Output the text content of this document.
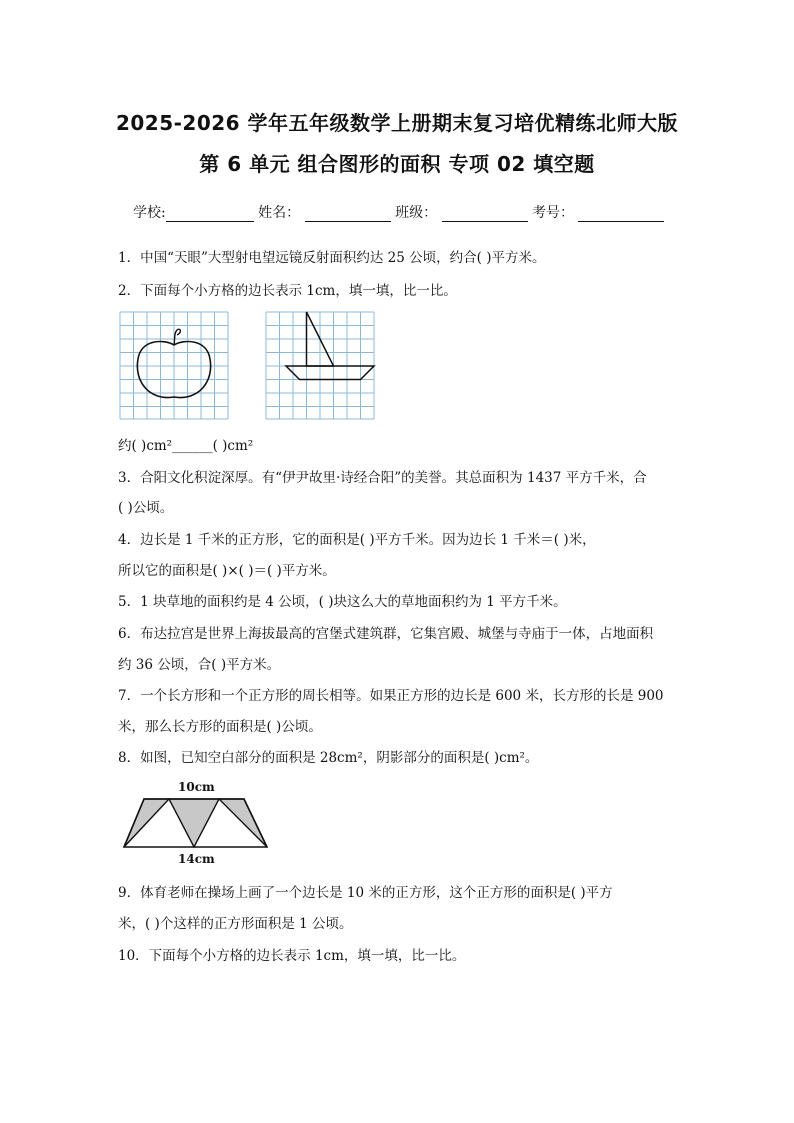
2025-2026 学年五年级数学上册期末复习培优精练北师大版
第 6 单元 组合图形的面积 专项 02 填空题
学校:	姓名：	班级：	考号：
1．中国“天眼”大型射电望远镜反射面积约达 25 公顷，约合( )平方米。
2．下面每个小方格的边长表示 1cm，填一填，比一比。
约( )cm²______( )cm²
3．合阳文化积淀深厚。有“伊尹故里·诗经合阳”的美誉。其总面积为 1437 平方千米，合
( )公顷。
4．边长是 1 千米的正方形，它的面积是( )平方千米。因为边长 1 千米＝( )米，
所以它的面积是( )×( )＝( )平方米。
5．1 块草地的面积约是 4 公顷，( )块这么大的草地面积约为 1 平方千米。
6．布达拉宫是世界上海拔最高的宫堡式建筑群，它集宫殿、城堡与寺庙于一体，占地面积
约 36 公顷，合( )平方米。
7．一个长方形和一个正方形的周长相等。如果正方形的边长是 600 米，长方形的长是 900
米，那么长方形的面积是( )公顷。
8．如图，已知空白部分的面积是 28cm²，阴影部分的面积是( )cm²。
10cm
14cm
9．体育老师在操场上画了一个边长是 10 米的正方形，这个正方形的面积是( )平方
米，( )个这样的正方形面积是 1 公顷。
10．下面每个小方格的边长表示 1cm，填一填，比一比。
